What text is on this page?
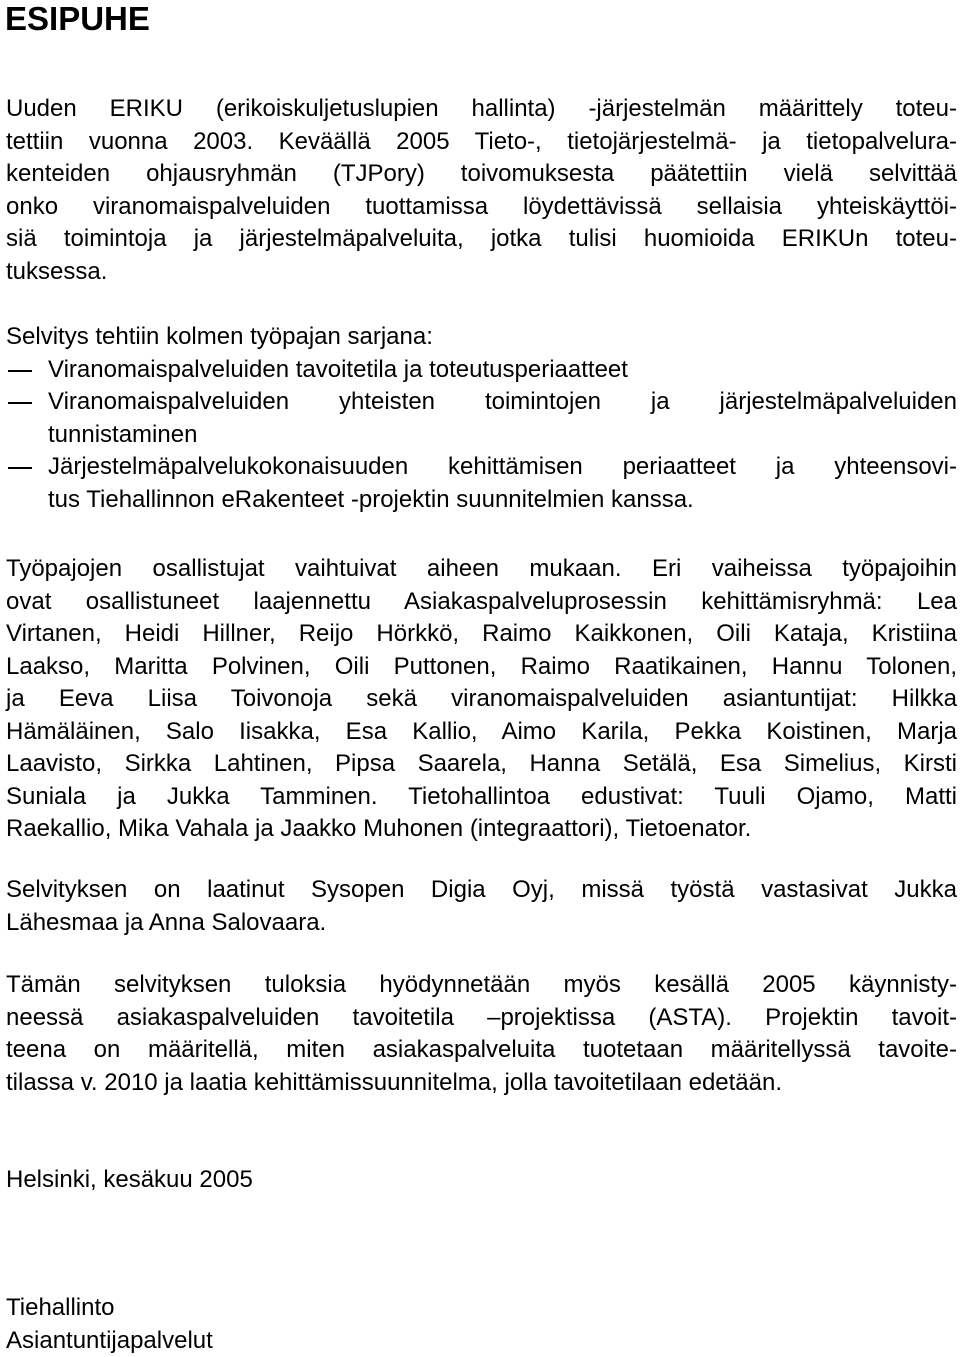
ESIPUHE
Uuden ERIKU (erikoiskuljetuslupien hallinta) -järjestelmän määrittely toteu-
tettiin vuonna 2003. Keväällä 2005 Tieto-, tietojärjestelmä- ja tietopalvelura-
kenteiden ohjausryhmän (TJPory) toivomuksesta päätettiin vielä selvittää
onko viranomaispalveluiden tuottamissa löydettävissä sellaisia yhteiskäyttöi-
siä toimintoja ja järjestelmäpalveluita, jotka tulisi huomioida ERIKUn toteu-
tuksessa.
Selvitys tehtiin kolmen työpajan sarjana:
Viranomaispalveluiden tavoitetila ja toteutusperiaatteet
Viranomaispalveluiden yhteisten toimintojen ja järjestelmäpalveluiden
tunnistaminen
Järjestelmäpalvelukokonaisuuden kehittämisen periaatteet ja yhteensovi-
tus Tiehallinnon eRakenteet -projektin suunnitelmien kanssa.
Työpajojen osallistujat vaihtuivat aiheen mukaan. Eri vaiheissa työpajoihin
ovat osallistuneet laajennettu Asiakaspalveluprosessin kehittämisryhmä: Lea
Virtanen, Heidi Hillner, Reijo Hörkkö, Raimo Kaikkonen, Oili Kataja, Kristiina
Laakso, Maritta Polvinen, Oili Puttonen, Raimo Raatikainen, Hannu Tolonen,
ja Eeva Liisa Toivonoja sekä viranomaispalveluiden asiantuntijat: Hilkka
Hämäläinen, Salo Iisakka, Esa Kallio, Aimo Karila, Pekka Koistinen, Marja
Laavisto, Sirkka Lahtinen, Pipsa Saarela, Hanna Setälä, Esa Simelius, Kirsti
Suniala ja Jukka Tamminen. Tietohallintoa edustivat: Tuuli Ojamo, Matti
Raekallio, Mika Vahala ja Jaakko Muhonen (integraattori), Tietoenator.
Selvityksen on laatinut Sysopen Digia Oyj, missä työstä vastasivat Jukka
Lähesmaa ja Anna Salovaara.
Tämän selvityksen tuloksia hyödynnetään myös kesällä 2005 käynnisty-
neessä asiakaspalveluiden tavoitetila –projektissa (ASTA). Projektin tavoit-
teena on määritellä, miten asiakaspalveluita tuotetaan määritellyssä tavoite-
tilassa v. 2010 ja laatia kehittämissuunnitelma, jolla tavoitetilaan edetään.
Helsinki, kesäkuu 2005
Tiehallinto
Asiantuntijapalvelut
